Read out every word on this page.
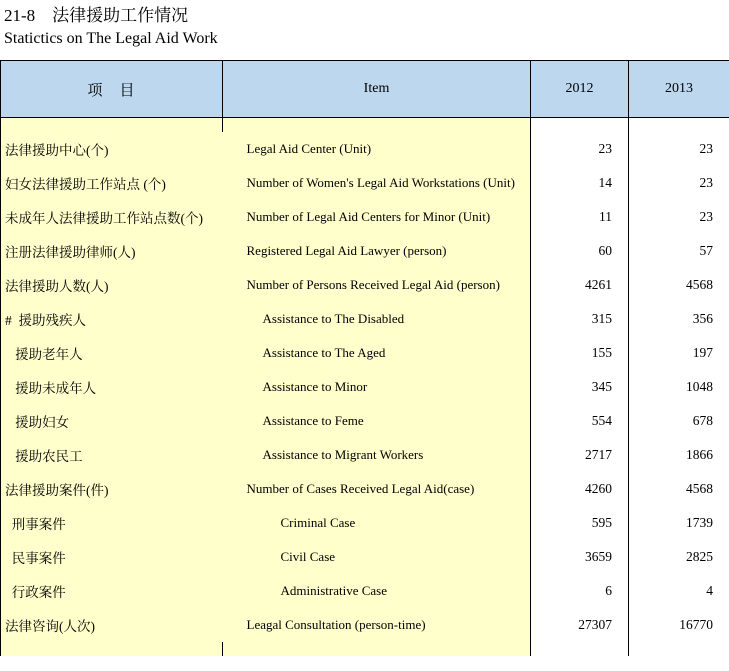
21‑8　法律援助工作情况
Statictics on The Legal Aid Work
项　目	Item	2012	2013

法律援助中心(个)	Legal Aid Center (Unit)	23	23
妇女法律援助工作站点 (个)	Number of Women's Legal Aid Workstations (Unit)	14	23
未成年人法律援助工作站点数(个)	Number of Legal Aid Centers for Minor (Unit)	11	23
注册法律援助律师(人)	Registered Legal Aid Lawyer (person)	60	57
法律援助人数(人)	Number of Persons Received Legal Aid (person)	4261	4568
#  援助残疾人	Assistance to The Disabled	315	356
援助老年人	Assistance to The Aged	155	197
援助未成年人	Assistance to Minor	345	1048
援助妇女	Assistance to Feme	554	678
援助农民工	Assistance to Migrant Workers	2717	1866
法律援助案件(件)	Number of Cases Received Legal Aid(case)	4260	4568
刑事案件	Criminal Case	595	1739
民事案件	Civil Case	3659	2825
行政案件	Administrative Case	6	4
法律咨询(人次)	Leagal Consultation (person-time)	27307	16770
